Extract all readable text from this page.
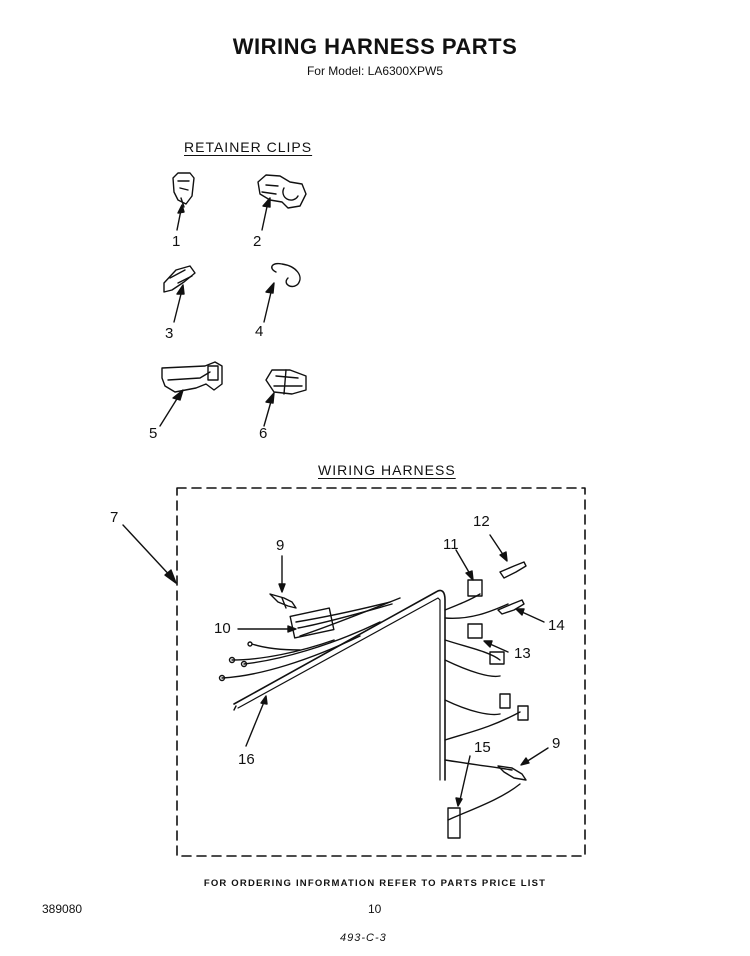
WIRING HARNESS PARTS
For Model: LA6300XPW5
RETAINER CLIPS
WIRING HARNESS
1	2
3	4
5	6
7
9
10
11
12
13
14
15	9
16
FOR ORDERING INFORMATION REFER TO PARTS PRICE LIST
389080	10
493-C-3
